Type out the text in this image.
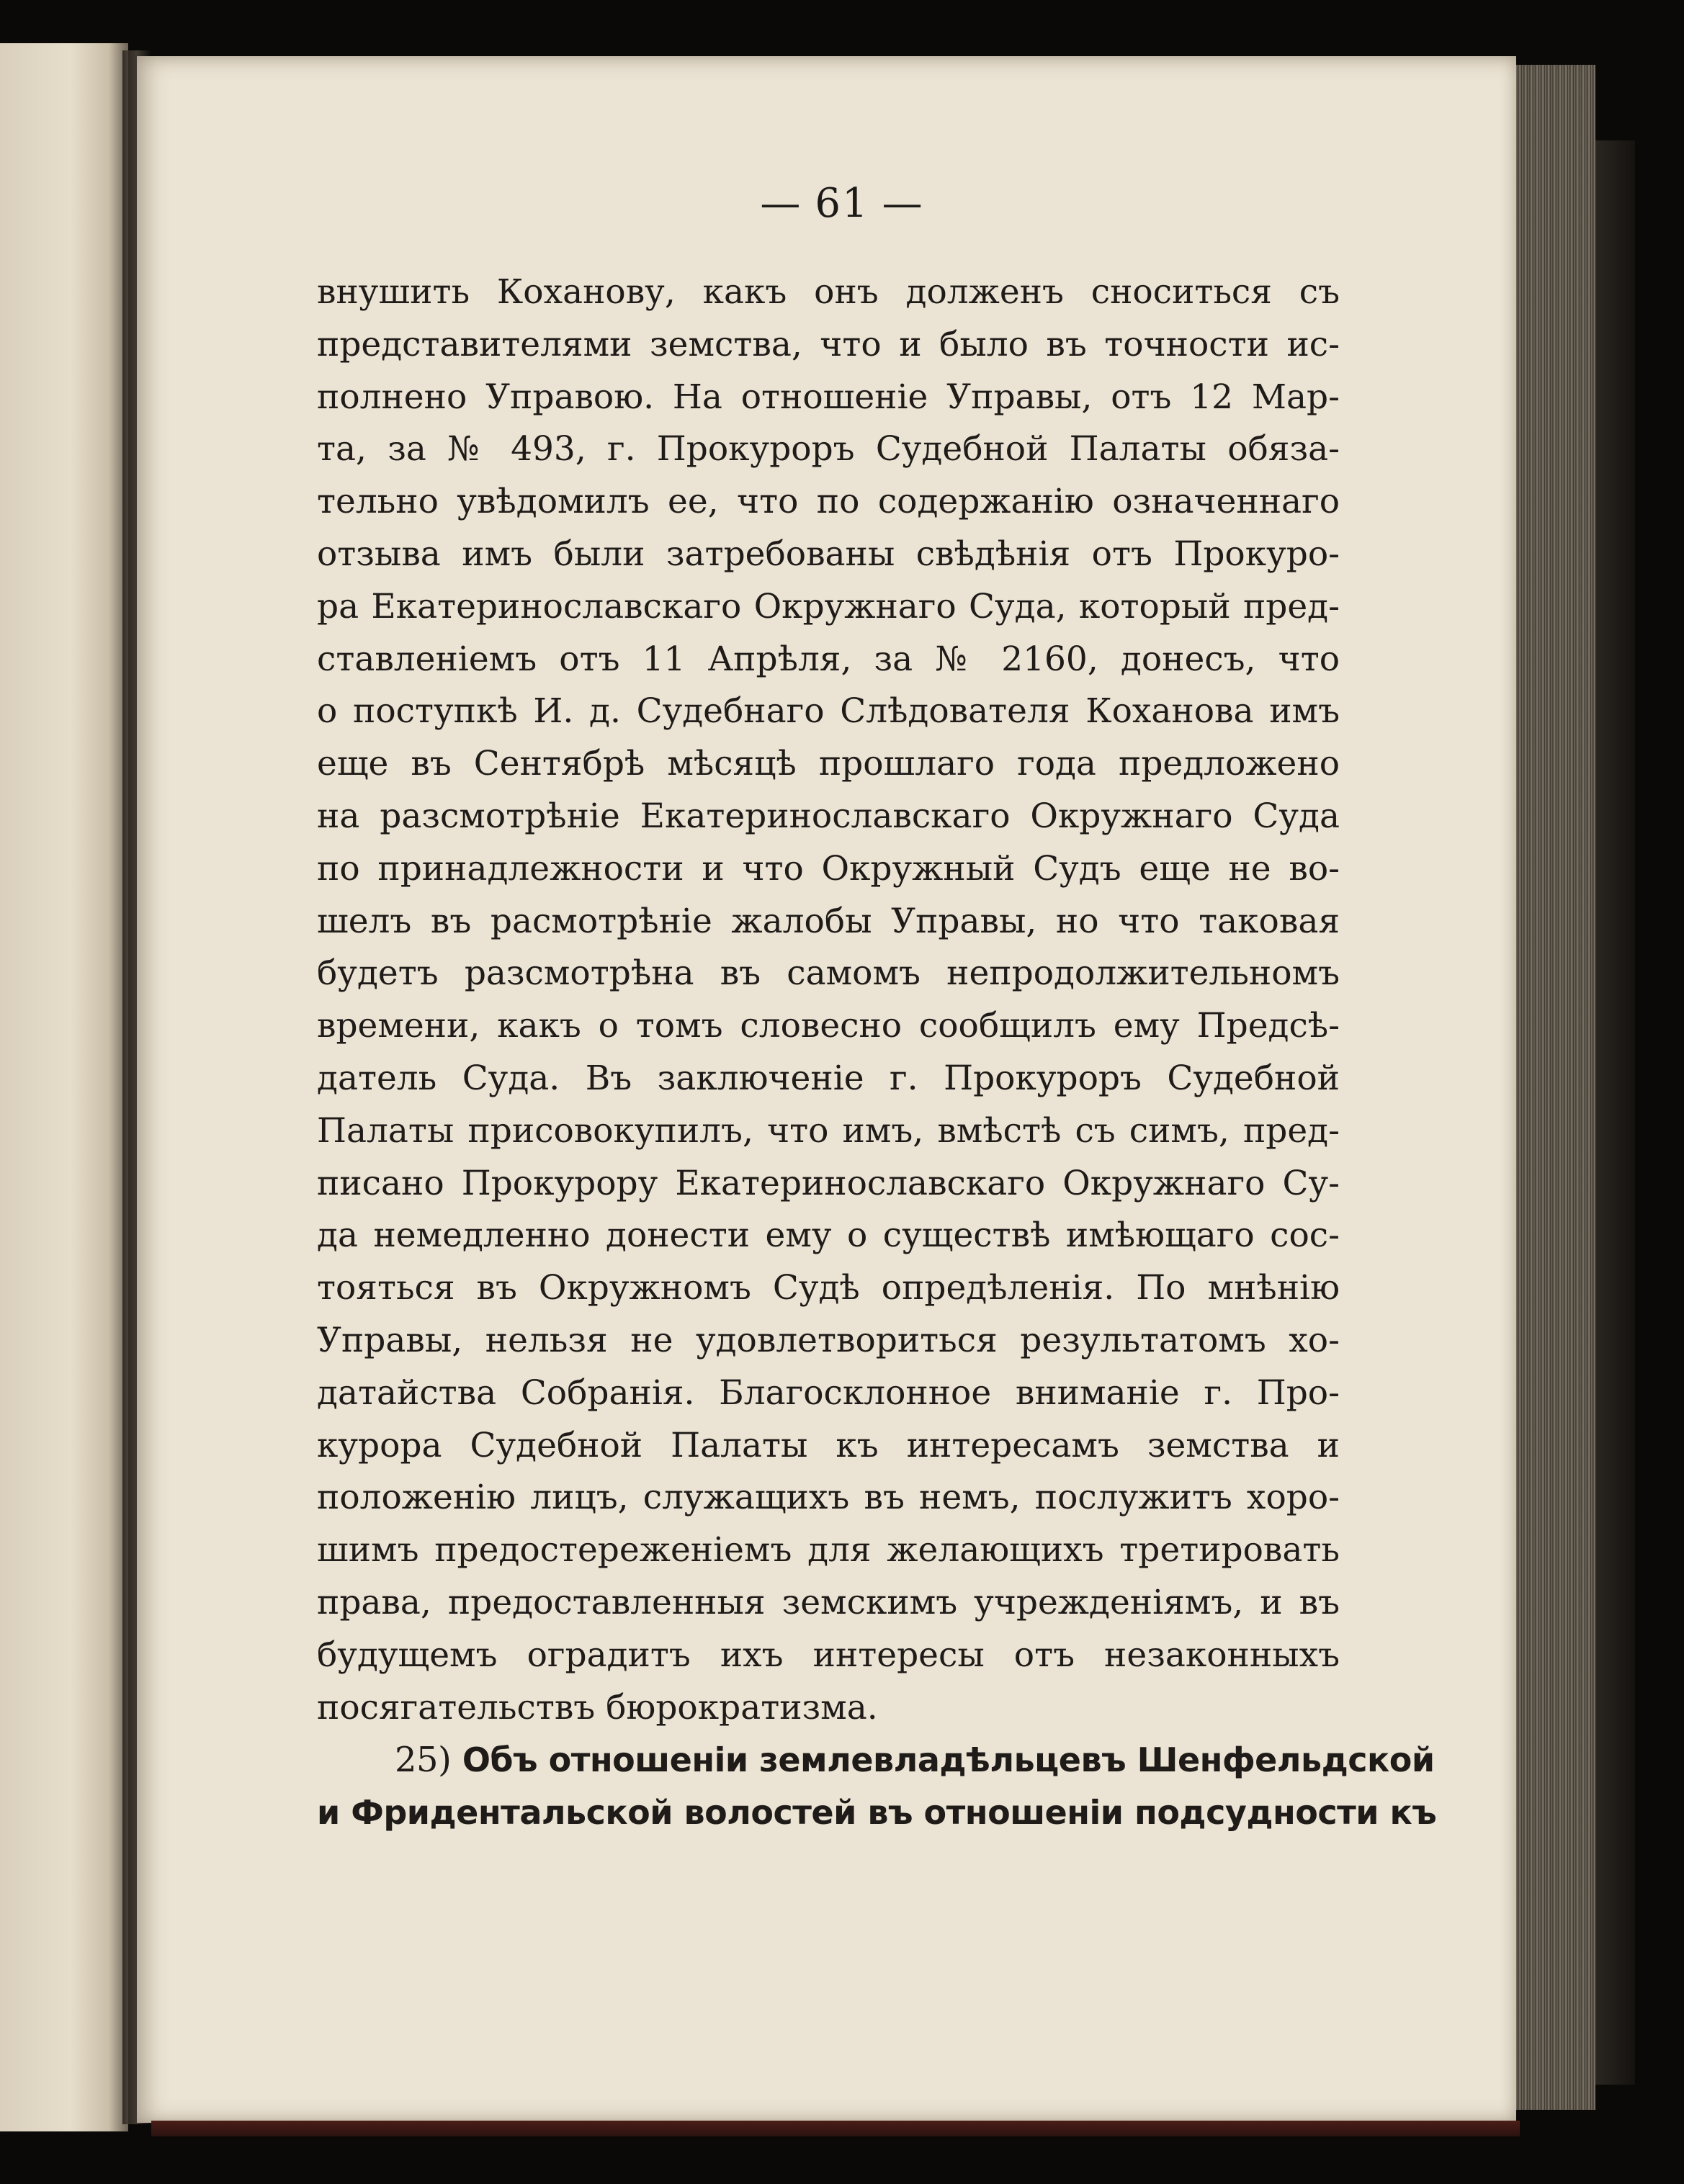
— 61 —
внушить Коханову, какъ онъ долженъ сноситься съ
представителями земства, что и было въ точности ис-
полнено Управою. На отношеніе Управы, отъ 12 Мар-
та, за № 493, г. Прокуроръ Судебной Палаты обяза-
тельно увѣдомилъ ее, что по содержанію означеннаго
отзыва имъ были затребованы свѣдѣнія отъ Прокуро-
ра Екатеринославскаго Окружнаго Суда, который пред-
ставленіемъ отъ 11 Апрѣля, за № 2160, донесъ, что
о поступкѣ И. д. Судебнаго Слѣдователя Коханова имъ
еще въ Сентябрѣ мѣсяцѣ прошлаго года предложено
на разсмотрѣніе Екатеринославскаго Окружнаго Суда
по принадлежности и что Окружный Судъ еще не во-
шелъ въ расмотрѣніе жалобы Управы, но что таковая
будетъ разсмотрѣна въ самомъ непродолжительномъ
времени, какъ о томъ словесно сообщилъ ему Предсѣ-
датель Суда. Въ заключеніе г. Прокуроръ Судебной
Палаты присовокупилъ, что имъ, вмѣстѣ съ симъ, пред-
писано Прокурору Екатеринославскаго Окружнаго Су-
да немедленно донести ему о существѣ имѣющаго сос-
тояться въ Окружномъ Судѣ опредѣленія. По мнѣнію
Управы, нельзя не удовлетвориться результатомъ хо-
датайства Собранія. Благосклонное вниманіе г. Про-
курора Судебной Палаты къ интересамъ земства и
положенію лицъ, служащихъ въ немъ, послужитъ хоро-
шимъ предостереженіемъ для желающихъ третировать
права, предоставленныя земскимъ учрежденіямъ, и въ
будущемъ оградитъ ихъ интересы отъ незаконныхъ
посягательствъ бюрократизма.
25) Объ отношеніи землевладѣльцевъ Шенфельдской
и Фридентальской волостей въ отношеніи подсудности къ
